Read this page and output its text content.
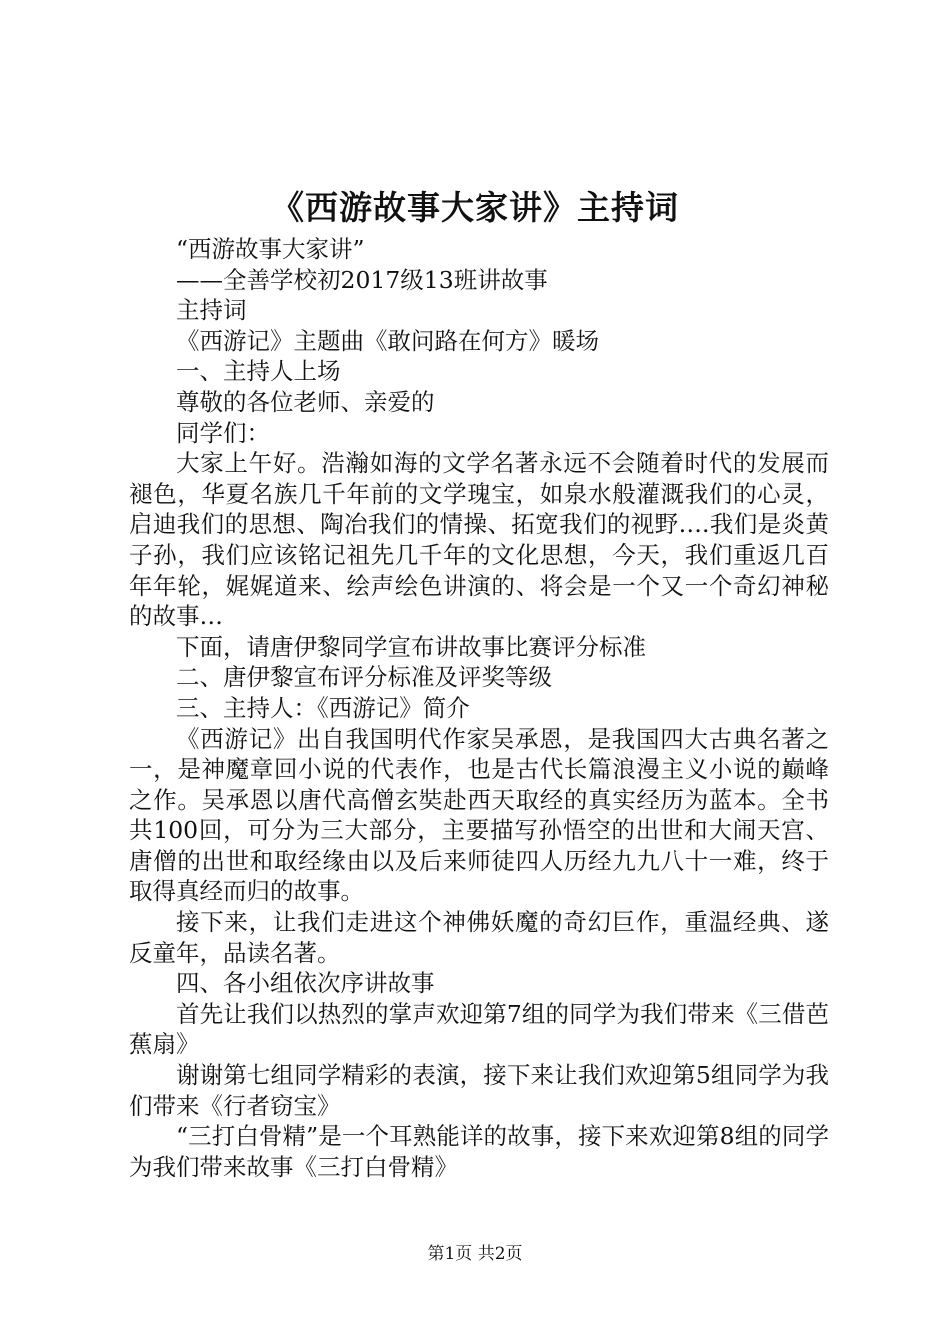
《西游故事大家讲》主持词

“西游故事大家讲”

——全善学校初2017级13班讲故事

主持词

《西游记》主题曲《敢问路在何方》暖场

一、主持人上场

尊敬的各位老师、亲爱的

同学们：

大家上午好。浩瀚如海的文学名著永远不会随着时代的发展而褪色，华夏名族几千年前的文学瑰宝，如泉水般灌溉我们的心灵，启迪我们的思想、陶冶我们的情操、拓宽我们的视野….我们是炎黄子孙，我们应该铭记祖先几千年的文化思想，今天，我们重返几百年年轮，娓娓道来、绘声绘色讲演的、将会是一个又一个奇幻神秘的故事…

下面，请唐伊黎同学宣布讲故事比赛评分标准

二、唐伊黎宣布评分标准及评奖等级

三、主持人：《西游记》简介

《西游记》出自我国明代作家吴承恩，是我国四大古典名著之一，是神魔章回小说的代表作，也是古代长篇浪漫主义小说的巅峰之作。吴承恩以唐代高僧玄奘赴西天取经的真实经历为蓝本。全书共100回，可分为三大部分，主要描写孙悟空的出世和大闹天宫、唐僧的出世和取经缘由以及后来师徒四人历经九九八十一难，终于取得真经而归的故事。

接下来，让我们走进这个神佛妖魔的奇幻巨作，重温经典、遂反童年，品读名著。

四、各小组依次序讲故事

首先让我们以热烈的掌声欢迎第7组的同学为我们带来《三借芭蕉扇》

谢谢第七组同学精彩的表演，接下来让我们欢迎第5组同学为我们带来《行者窃宝》

“三打白骨精”是一个耳熟能详的故事，接下来欢迎第8组的同学为我们带来故事《三打白骨精》

第1页 共2页
